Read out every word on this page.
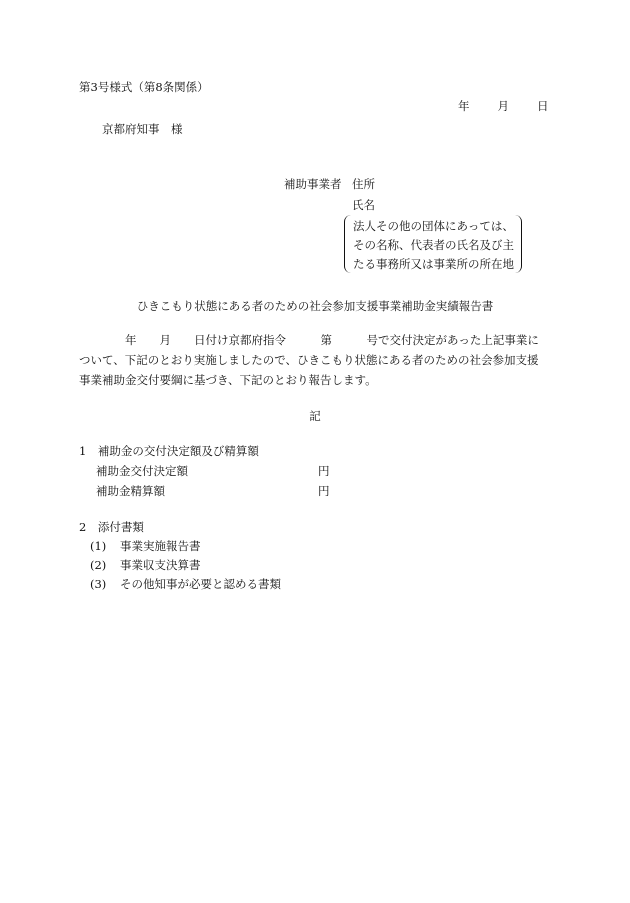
第3号様式（第8条関係）
年 月 日
京都府知事　様
補助事業者 住所
氏名
法人その他の団体にあっては、
その名称、代表者の氏名及び主
たる事務所又は事業所の所在地
ひきこもり状態にある者のための社会参加支援事業補助金実績報告書
　　　　年　　月　　日付け京都府指令　　　第　　　号で交付決定があった上記事業に
ついて、下記のとおり実施しましたので、ひきこもり状態にある者のための社会参加支援
事業補助金交付要綱に基づき、下記のとおり報告します。
記
1　補助金の交付決定額及び精算額
補助金交付決定額	円
補助金精算額	円
2　添付書類
(1) 事業実施報告書
(2) 事業収支決算書
(3) その他知事が必要と認める書類
